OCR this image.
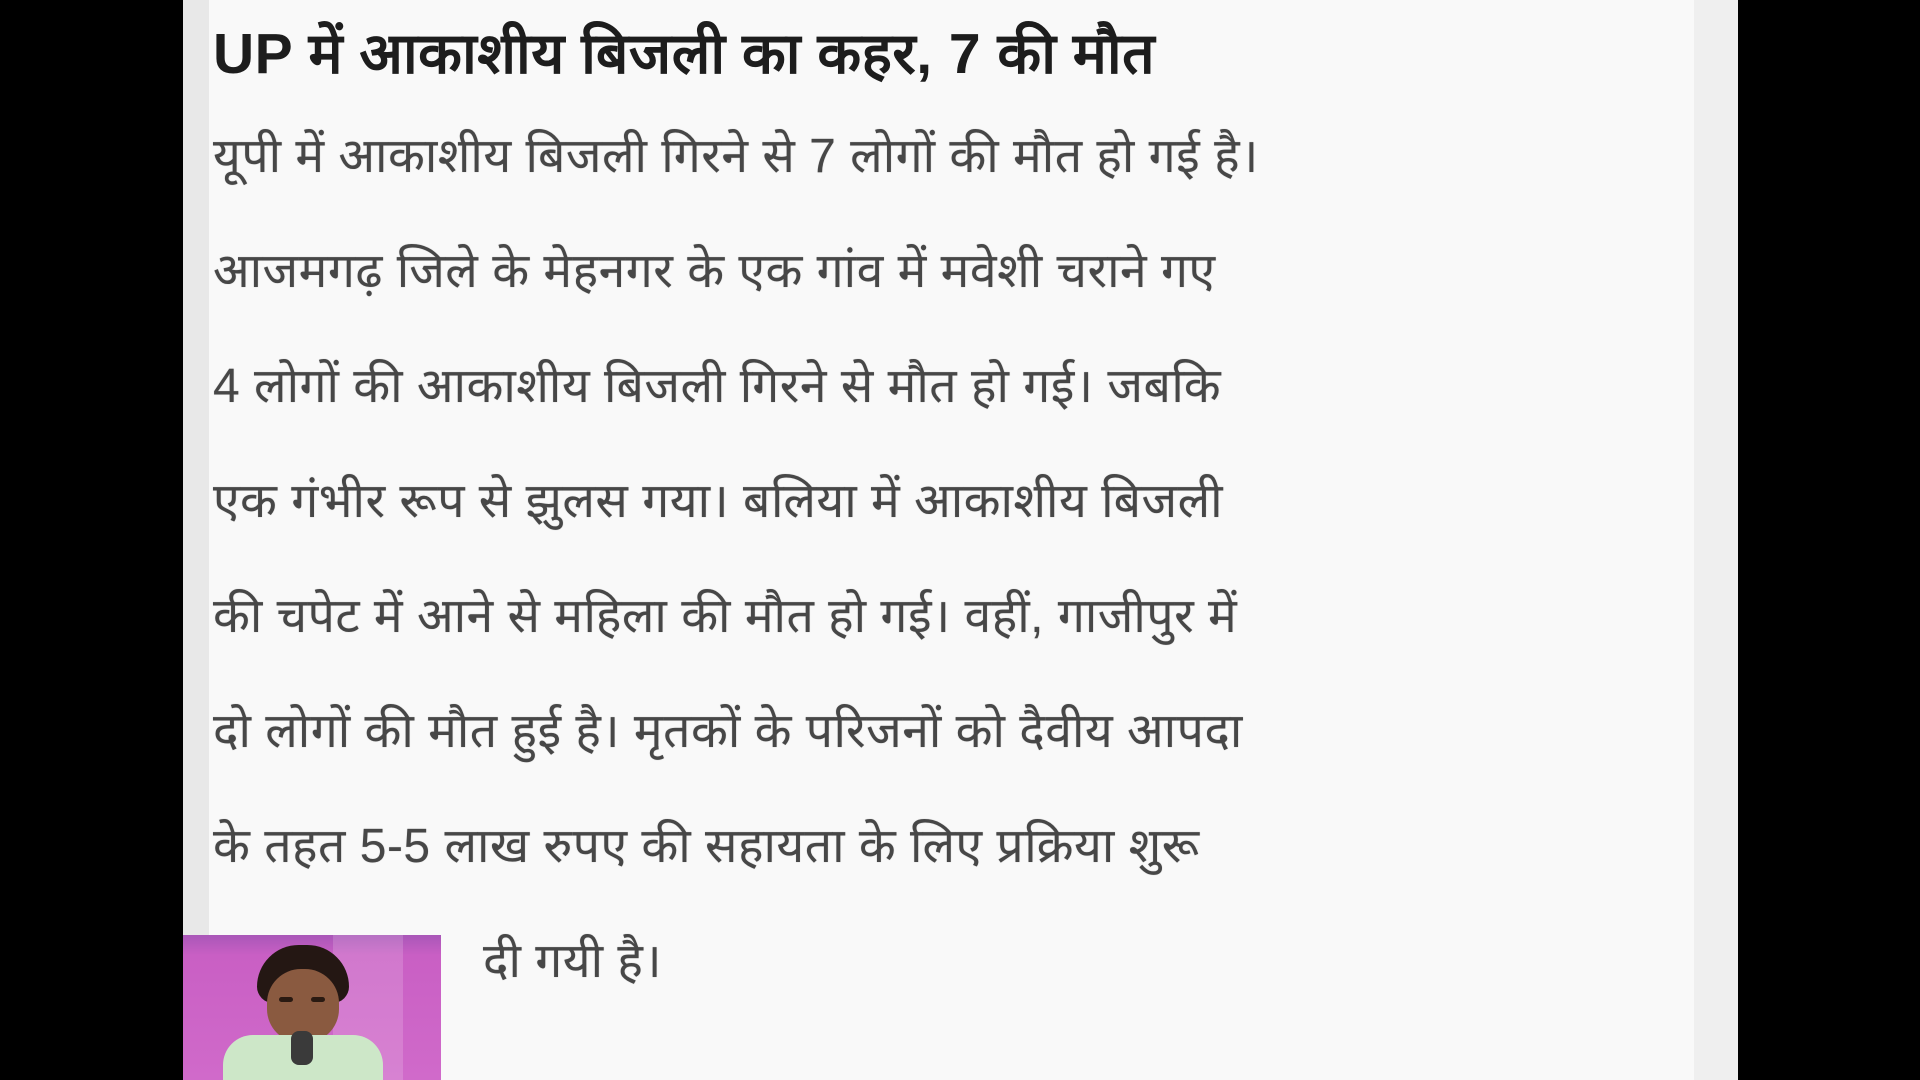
UP में आकाशीय बिजली का कहर, 7 की मौत
यूपी में आकाशीय बिजली गिरने से 7 लोगों की मौत हो गई है।
आजमगढ़ जिले के मेहनगर के एक गांव में मवेशी चराने गए
4 लोगों की आकाशीय बिजली गिरने से मौत हो गई। जबकि
एक गंभीर रूप से झुलस गया। बलिया में आकाशीय बिजली
की चपेट में आने से महिला की मौत हो गई। वहीं, गाजीपुर में
दो लोगों की मौत हुई है। मृतकों के परिजनों को दैवीय आपदा
के तहत 5-5 लाख रुपए की सहायता के लिए प्रक्रिया शुरू
दी गयी है।
